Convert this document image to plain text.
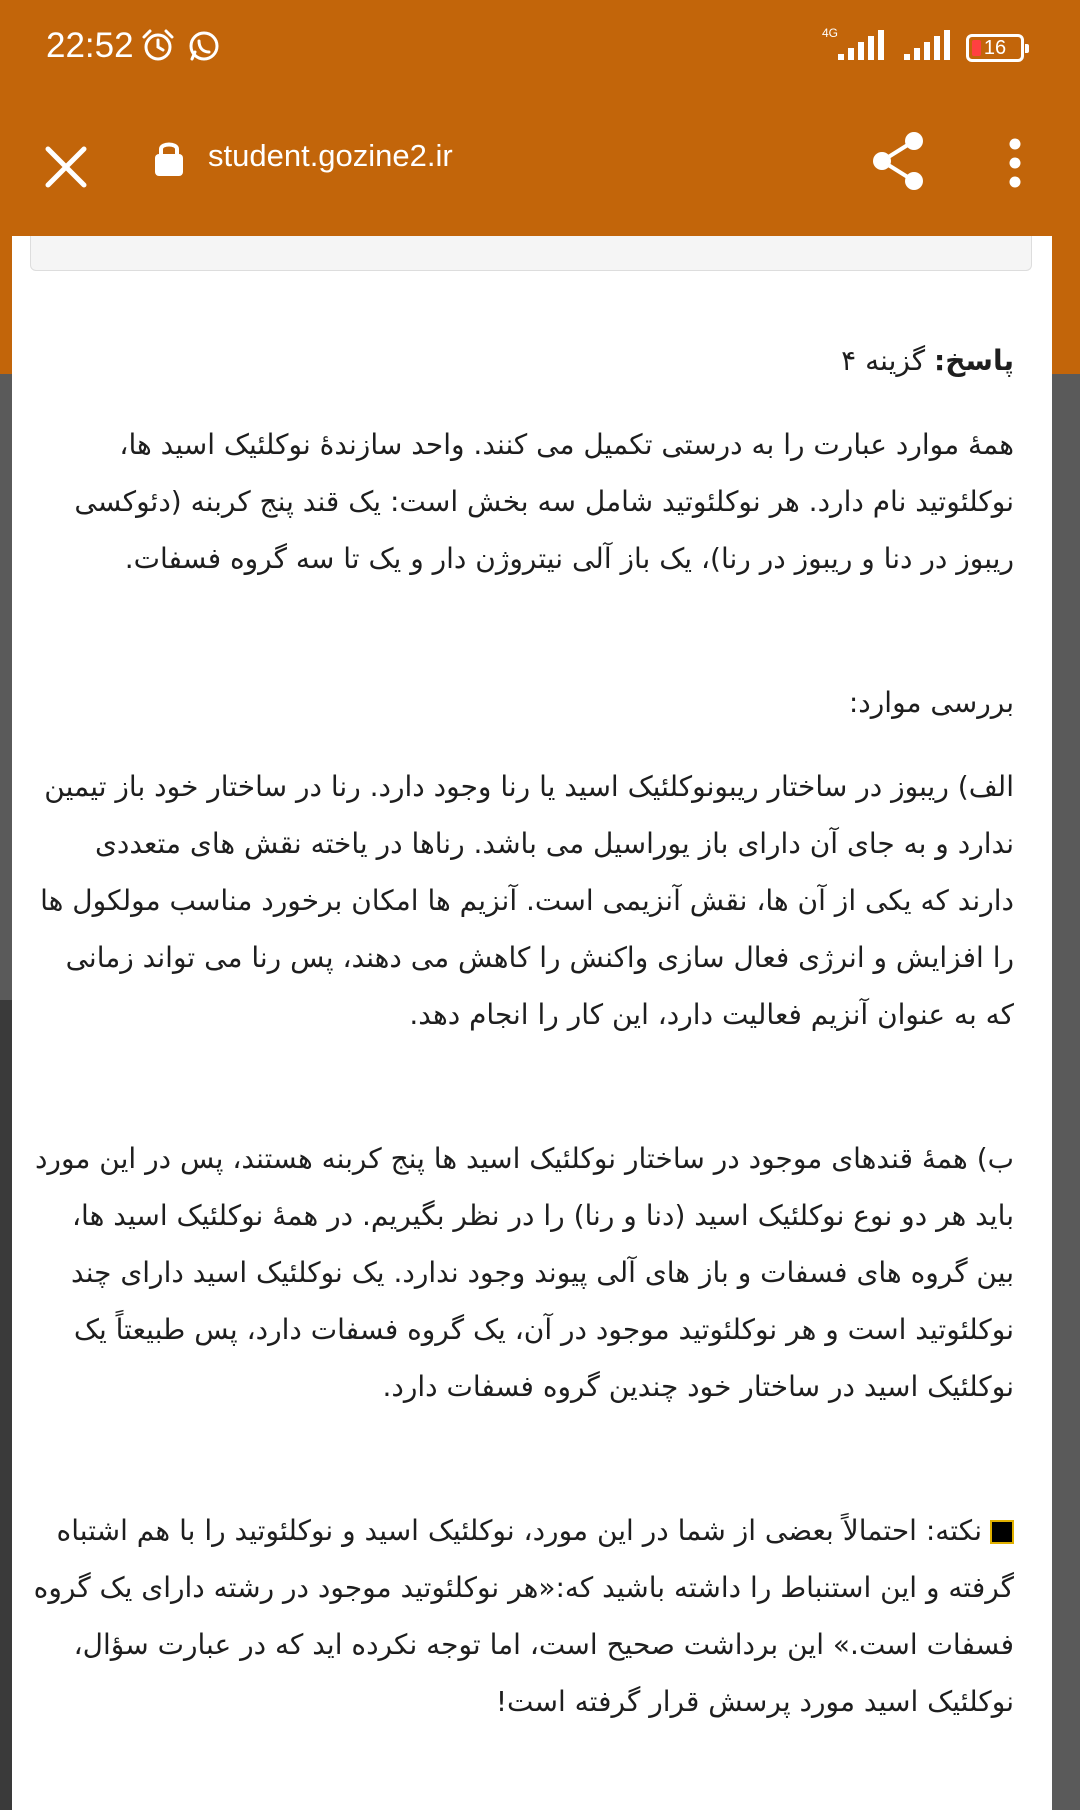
22:52	4G
16
student.gozine2.ir

پاسخ: گزینه ۴

همهٔ موارد عبارت را به درستی تکمیل می کنند. واحد سازندهٔ نوکلئیک اسید ها، نوکلئوتید نام دارد. هر نوکلئوتید شامل سه بخش است: یک قند پنج کربنه (دئوکسی ریبوز در دنا و ریبوز در رنا)، یک باز آلی نیتروژن دار و یک تا سه گروه فسفات.

بررسی موارد:

الف) ریبوز در ساختار ریبونوکلئیک اسید یا رنا وجود دارد. رنا در ساختار خود باز تیمین ندارد و به جای آن دارای باز یوراسیل می باشد. رناها در یاخته نقش های متعددی دارند که یکی از آن ها، نقش آنزیمی است. آنزیم ها امکان برخورد مناسب مولکول ها را افزایش و انرژی فعال سازی واکنش را کاهش می دهند، پس رنا می تواند زمانی که به عنوان آنزیم فعالیت دارد، این کار را انجام دهد.

ب) همهٔ قندهای موجود در ساختار نوکلئیک اسید ها پنج کربنه هستند، پس در این مورد باید هر دو نوع نوکلئیک اسید (دنا و رنا) را در نظر بگیریم. در همهٔ نوکلئیک اسید ها، بین گروه های فسفات و باز های آلی پیوند وجود ندارد. یک نوکلئیک اسید دارای چند نوکلئوتید است و هر نوکلئوتید موجود در آن، یک گروه فسفات دارد، پس طبیعتاً یک نوکلئیک اسید در ساختار خود چندین گروه فسفات دارد.

نکته: احتمالاً بعضی از شما در این مورد، نوکلئیک اسید و نوکلئوتید را با هم اشتباه گرفته و این استنباط را داشته باشید که:«هر نوکلئوتید موجود در رشته دارای یک گروه فسفات است.» این برداشت صحیح است، اما توجه نکرده اید که در عبارت سؤال، نوکلئیک اسید مورد پرسش قرار گرفته است!
